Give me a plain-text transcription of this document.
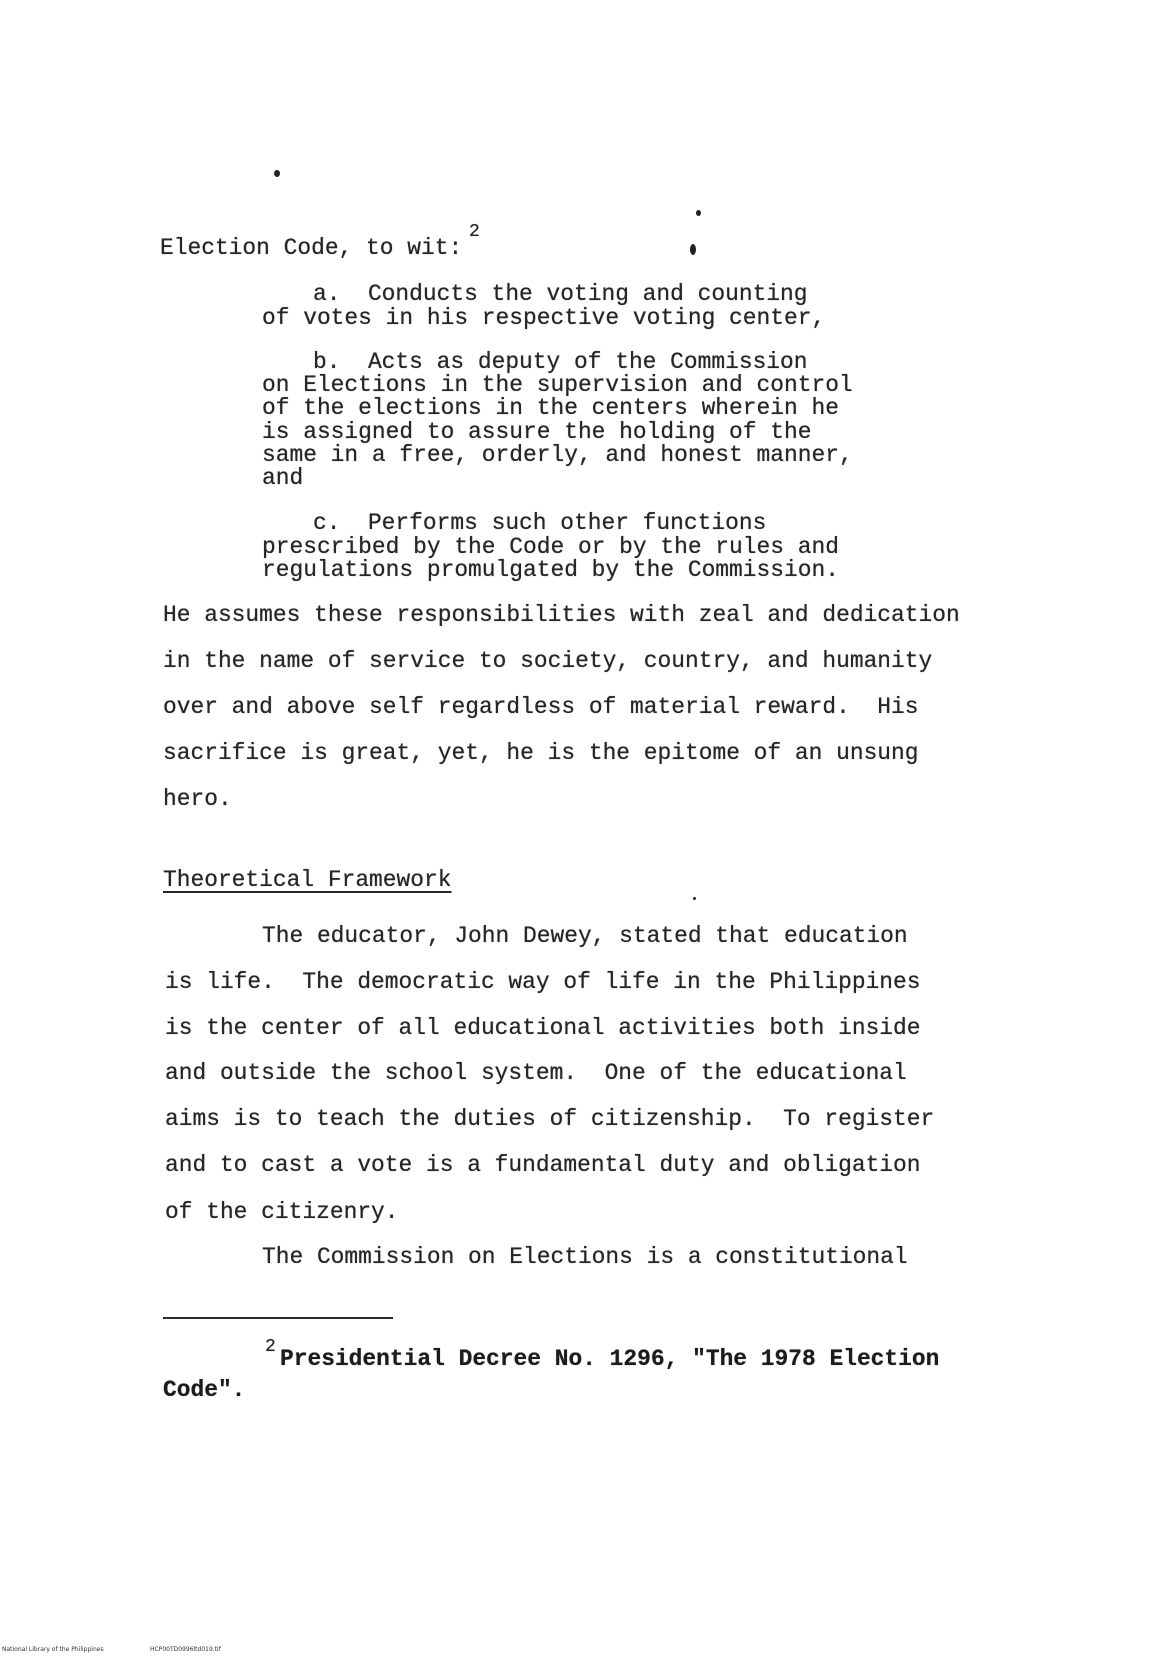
Election Code, to wit:
2
a.  Conducts the voting and counting
of votes in his respective voting center,
b.  Acts as deputy of the Commission
on Elections in the supervision and control
of the elections in the centers wherein he
is assigned to assure the holding of the
same in a free, orderly, and honest manner,
and
c.  Performs such other functions
prescribed by the Code or by the rules and
regulations promulgated by the Commission.
He assumes these responsibilities with zeal and dedication
in the name of service to society, country, and humanity
over and above self regardless of material reward.  His
sacrifice is great, yet, he is the epitome of an unsung
hero.
Theoretical Framework
The educator, John Dewey, stated that education
is life.  The democratic way of life in the Philippines
is the center of all educational activities both inside
and outside the school system.  One of the educational
aims is to teach the duties of citizenship.  To register
and to cast a vote is a fundamental duty and obligation
of the citizenry.
The Commission on Elections is a constitutional
2 Presidential Decree No. 1296, "The 1978 Election
Code".
National Library of the Philippines	HCP00TD0996ltd019.tif
